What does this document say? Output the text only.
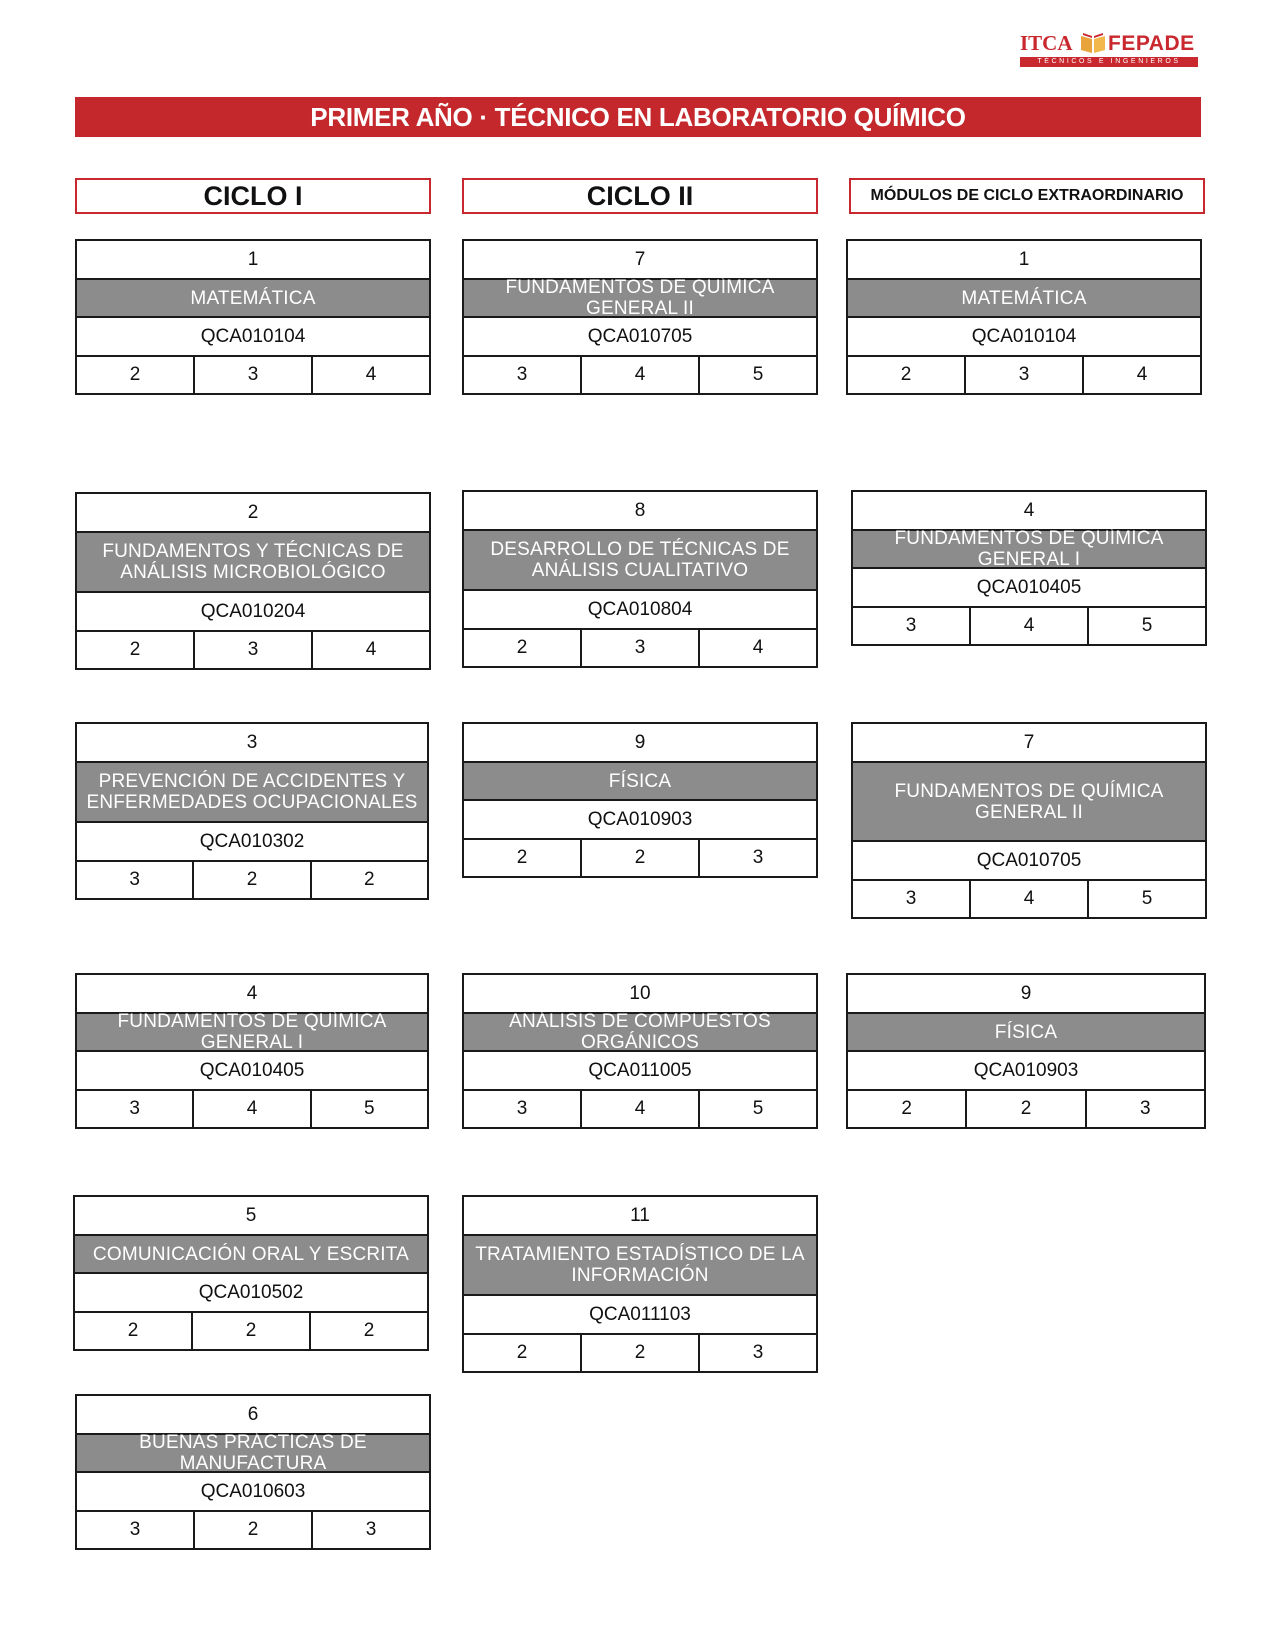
ITCA FEPADE
TÉCNICOS E INGENIEROS
PRIMER AÑO · TÉCNICO EN LABORATORIO QUÍMICO
CICLO I	CICLO II	MÓDULOS DE CICLO EXTRAORDINARIO
1
MATEMÁTICA
QCA010104
2	3	4
2
FUNDAMENTOS Y TÉCNICAS DE ANÁLISIS MICROBIOLÓGICO
QCA010204
2	3	4
3
PREVENCIÓN DE ACCIDENTES Y ENFERMEDADES OCUPACIONALES
QCA010302
3	2	2
4
FUNDAMENTOS DE QUÍMICA GENERAL I
QCA010405
3	4	5
5
COMUNICACIÓN ORAL Y ESCRITA
QCA010502
2	2	2
6
BUENAS PRÁCTICAS DE MANUFACTURA
QCA010603
3	2	3
7
FUNDAMENTOS DE QUÍMICA GENERAL II
QCA010705
3	4	5
8
DESARROLLO DE TÉCNICAS DE ANÁLISIS CUALITATIVO
QCA010804
2	3	4
9
FÍSICA
QCA010903
2	2	3
10
ANÁLISIS DE COMPUESTOS ORGÁNICOS
QCA011005
3	4	5
11
TRATAMIENTO ESTADÍSTICO DE LA INFORMACIÓN
QCA011103
2	2	3
1
MATEMÁTICA
QCA010104
2	3	4
4
FUNDAMENTOS DE QUÍMICA GENERAL I
QCA010405
3	4	5
7
FUNDAMENTOS DE QUÍMICA GENERAL II
QCA010705
3	4	5
9
FÍSICA
QCA010903
2	2	3
